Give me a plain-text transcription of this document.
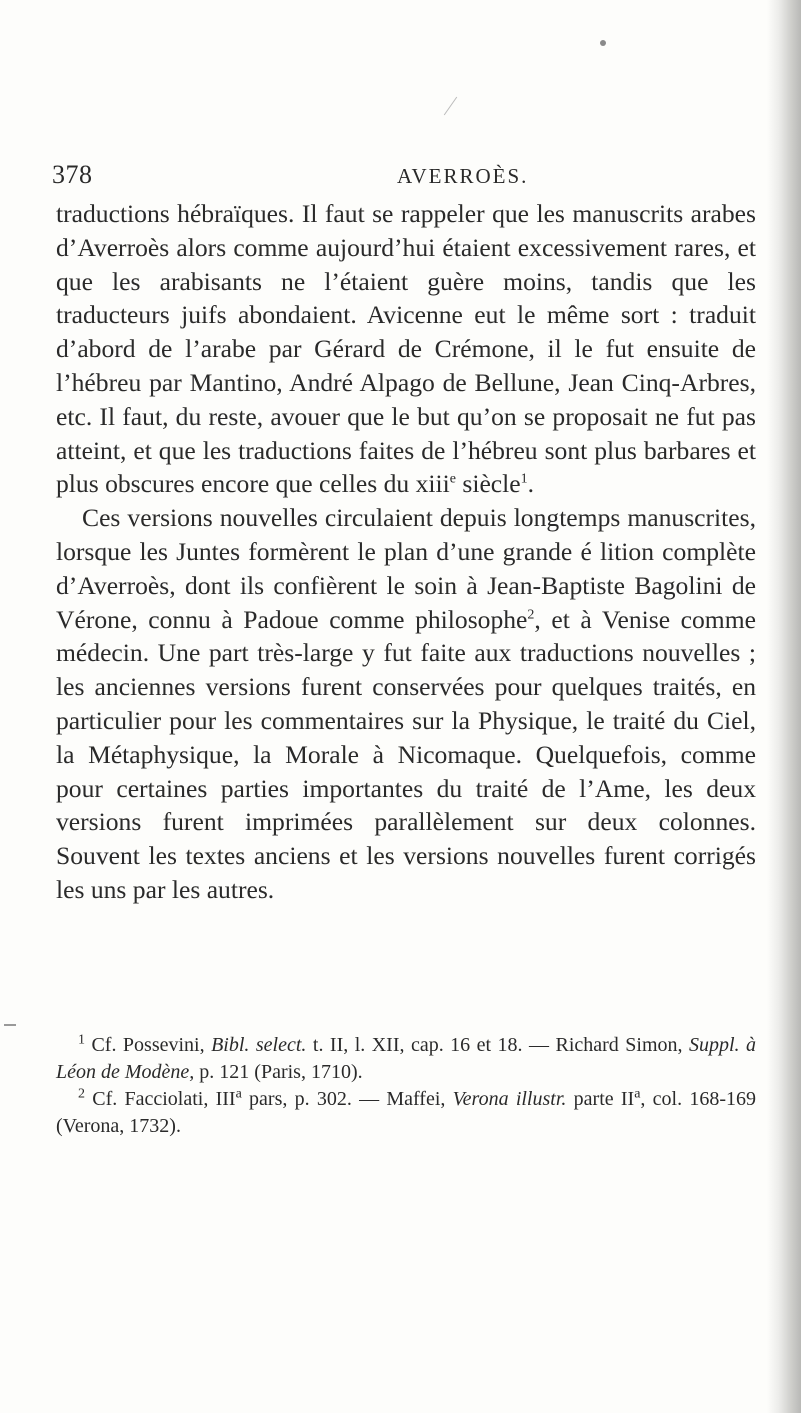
378	AVERROÈS.

traductions hébraïques. Il faut se rappeler que les manuscrits arabes d’Averroès alors comme aujourd’hui étaient excessivement rares, et que les arabisants ne l’étaient guère moins, tandis que les traducteurs juifs abondaient. Avicenne eut le même sort : traduit d’abord de l’arabe par Gérard de Crémone, il le fut ensuite de l’hébreu par Mantino, André Alpago de Bellune, Jean Cinq-Arbres, etc. Il faut, du reste, avouer que le but qu’on se proposait ne fut pas atteint, et que les traductions faites de l’hébreu sont plus barbares et plus obscures encore que celles du xiii$^e$ siècle$^1$.

Ces versions nouvelles circulaient depuis longtemps manuscrites, lorsque les Juntes formèrent le plan d’une grande é lition complète d’Averroès, dont ils confièrent le soin à Jean-Baptiste Bagolini de Vérone, connu à Padoue comme philosophe$^2$, et à Venise comme médecin. Une part très-large y fut faite aux traductions nouvelles ; les anciennes versions furent conservées pour quelques traités, en particulier pour les commentaires sur la Physique, le traité du Ciel, la Métaphysique, la Morale à Nicomaque. Quelquefois, comme pour certaines parties importantes du traité de l’Ame, les deux versions furent imprimées parallèlement sur deux colonnes. Souvent les textes anciens et les versions nouvelles furent corrigés les uns par les autres.

$^1$ Cf. Possevini, Bibl. select. t. II, l. XII, cap. 16 et 18. — Richard Simon, Suppl. à Léon de Modène, p. 121 (Paris, 1710).

$^2$ Cf. Facciolati, III$^a$ pars, p. 302. — Maffei, Verona illustr. parte $II^a$, col. 168-169 (Verona, 1732).
